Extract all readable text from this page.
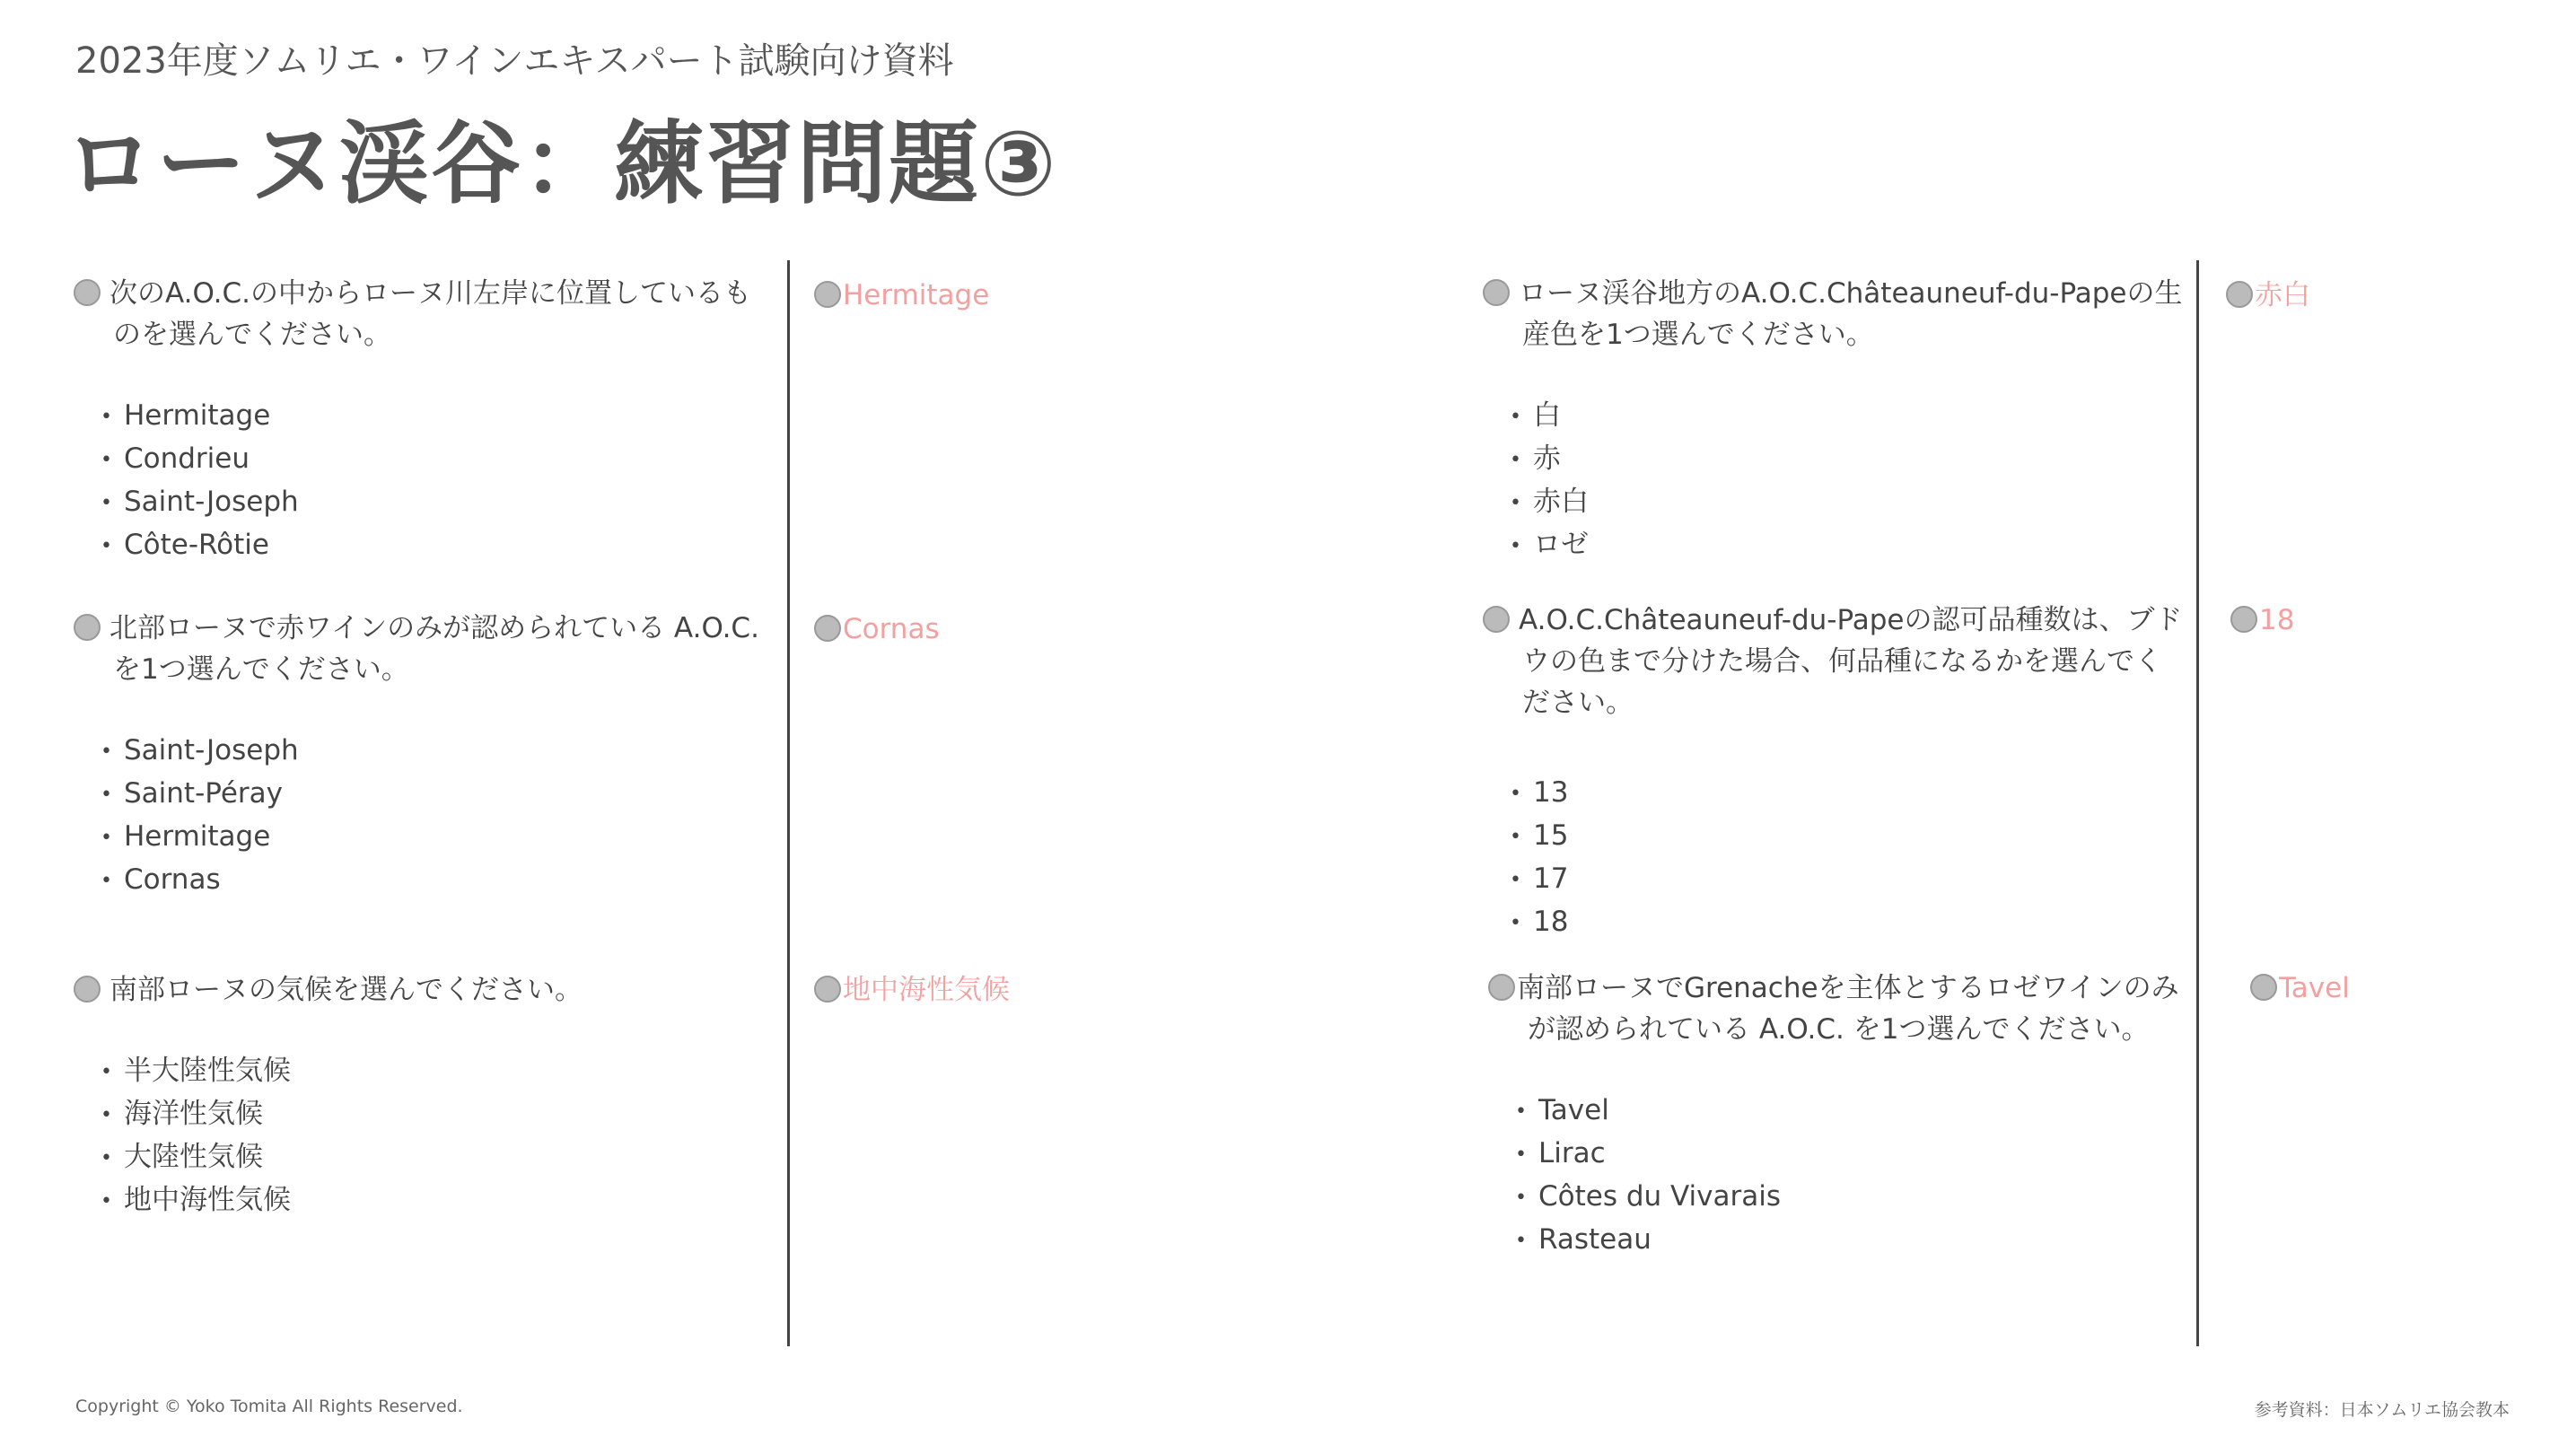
2023年度ソムリエ・ワインエキスパート試験向け資料
ローヌ渓谷：練習問題③
次のA.O.C.の中からローヌ川左岸に位置しているものを選んでください。
• Hermitage
• Condrieu
• Saint-Joseph
• Côte-Rôtie
Hermitage
北部ローヌで赤ワインのみが認められている A.O.C. を1つ選んでください。
• Saint-Joseph
• Saint-Péray
• Hermitage
• Cornas
Cornas
南部ローヌの気候を選んでください。
• 半大陸性気候
• 海洋性気候
• 大陸性気候
• 地中海性気候
地中海性気候
ローヌ渓谷地方のA.O.C.Châteauneuf-du-Papeの生産色を1つ選んでください。
• 白
• 赤
• 赤白
• ロゼ
赤白
A.O.C.Châteauneuf-du-Papeの認可品種数は、ブドウの色まで分けた場合、何品種になるかを選んでください。
• 13
• 15
• 17
• 18
18
南部ローヌでGrenacheを主体とするロゼワインのみが認められている A.O.C. を1つ選んでください。
• Tavel
• Lirac
• Côtes du Vivarais
• Rasteau
Tavel
Copyright © Yoko Tomita All Rights Reserved.	参考資料：日本ソムリエ協会教本
